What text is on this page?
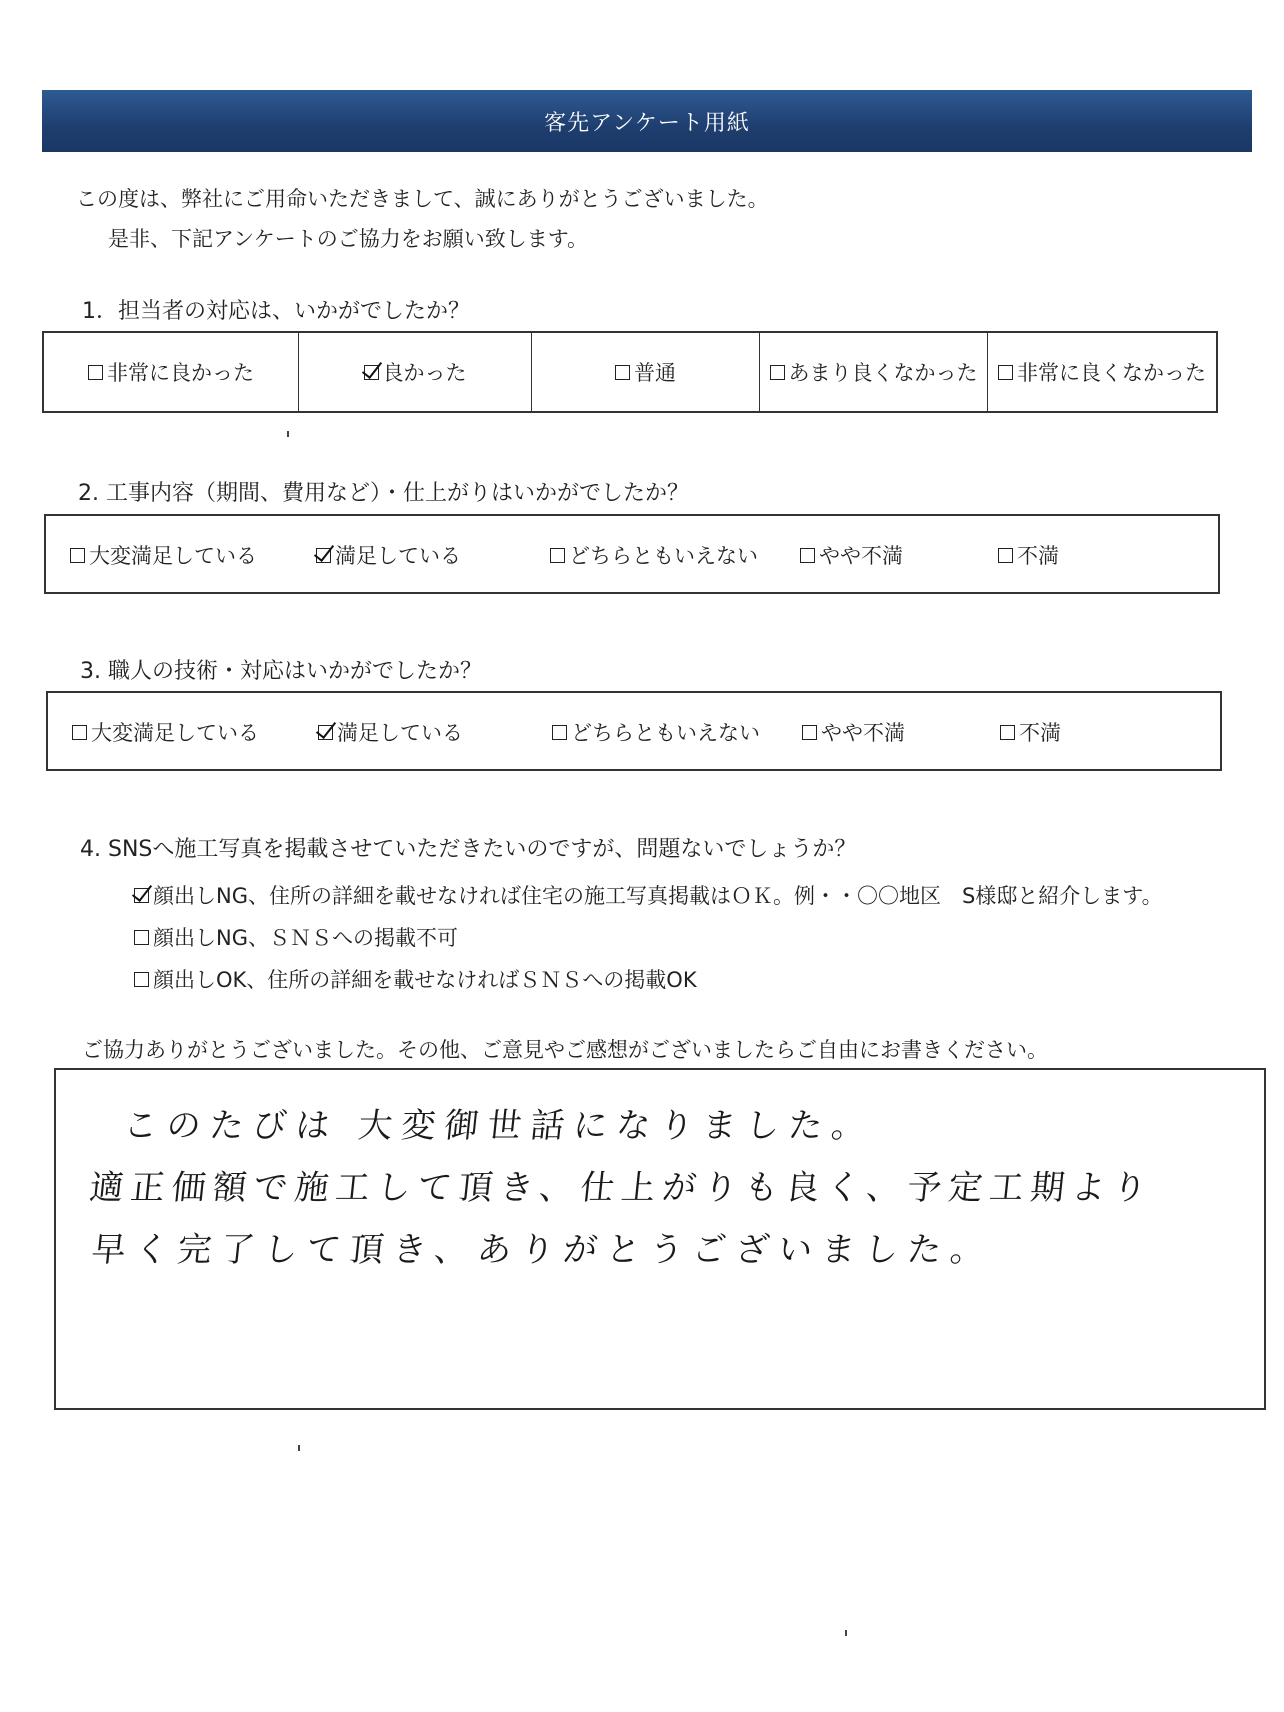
客先アンケート用紙
この度は、弊社にご用命いただきまして、誠にありがとうございました。
是非、下記アンケートのご協力をお願い致します。
1．担当者の対応は、いかがでしたか？
非常に良かった	良かった	普通	あまり良くなかった 非常に良くなかった
2. 工事内容（期間、費用など）・仕上がりはいかがでしたか？
大変満足している	満足している	どちらともいえない	やや不満	不満
3. 職人の技術・対応はいかがでしたか？
大変満足している	満足している	どちらともいえない	やや不満	不満
4. SNSへ施工写真を掲載させていただきたいのですが、問題ないでしょうか？
顔出しNG、住所の詳細を載せなければ住宅の施工写真掲載はＯＫ。例・・〇〇地区　S様邸と紹介します。
顔出しNG、ＳＮＳへの掲載不可
顔出しOK、住所の詳細を載せなければＳＮＳへの掲載OK
ご協力ありがとうございました。その他、ご意見やご感想がございましたらご自由にお書きください。
このたびは 大変御世話になりました。
適正価額で施工して頂き、仕上がりも良く、予定工期より
早く完了して頂き、ありがとうございました。
